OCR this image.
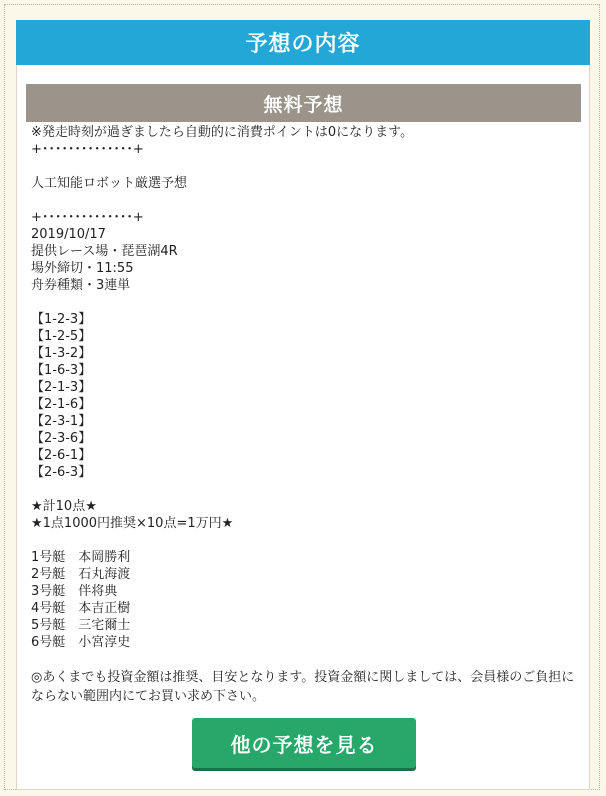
予想の内容
無料予想
※発走時刻が過ぎましたら自動的に消費ポイントは0になります。
+･･････････････+
人工知能ロボット厳選予想
+･･････････････+
2019/10/17
提供レース場・琵琶湖4R
場外締切・11:55
舟券種類・3連単
【1-2-3】
【1-2-5】
【1-3-2】
【1-6-3】
【2-1-3】
【2-1-6】
【2-3-1】
【2-3-6】
【2-6-1】
【2-6-3】
★計10点★
★1点1000円推奨×10点=1万円★
1号艇　本岡勝利
2号艇　石丸海渡
3号艇　伴将典
4号艇　本吉正樹
5号艇　三宅爾士
6号艇　小宮淳史
◎あくまでも投資金額は推奨、目安となります。投資金額に関しましては、会員様のご負担にならない範囲内にてお買い求め下さい。
他の予想を見る
